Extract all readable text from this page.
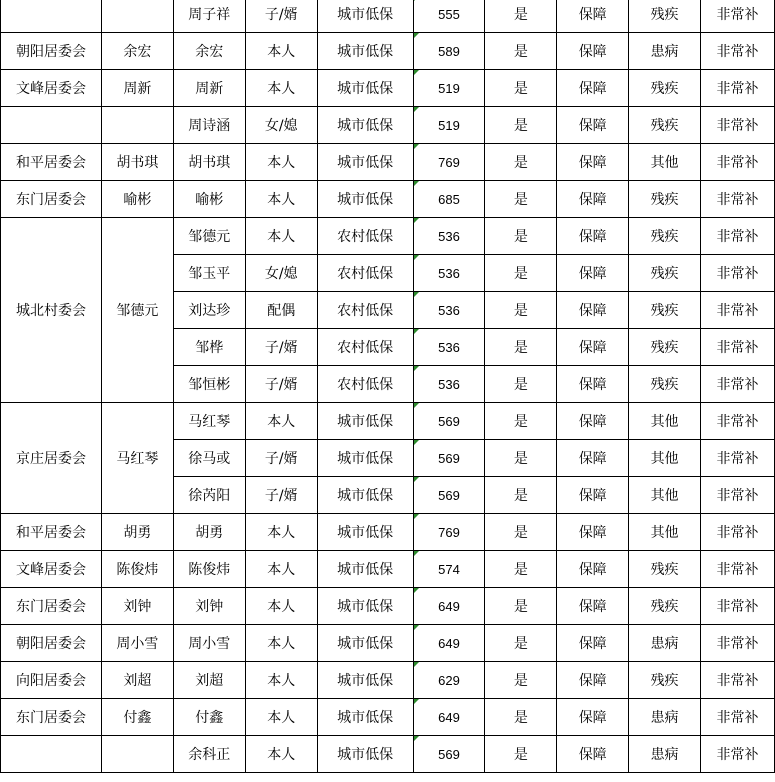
		周子祥	子/婿	城市低保	555	是	保障	残疾	非常补
朝阳居委会	余宏	余宏	本人	城市低保	589	是	保障	患病	非常补
文峰居委会	周新	周新	本人	城市低保	519	是	保障	残疾	非常补
		周诗涵	女/媳	城市低保	519	是	保障	残疾	非常补
和平居委会	胡书琪	胡书琪	本人	城市低保	769	是	保障	其他	非常补
东门居委会	喻彬	喻彬	本人	城市低保	685	是	保障	残疾	非常补
城北村委会	邹德元	邹德元	本人	农村低保	536	是	保障	残疾	非常补
		邹玉平	女/媳	农村低保	536	是	保障	残疾	非常补
		刘达珍	配偶	农村低保	536	是	保障	残疾	非常补
		邹桦	子/婿	农村低保	536	是	保障	残疾	非常补
		邹恒彬	子/婿	农村低保	536	是	保障	残疾	非常补
京庄居委会	马红琴	马红琴	本人	城市低保	569	是	保障	其他	非常补
		徐马或	子/婿	城市低保	569	是	保障	其他	非常补
		徐芮阳	子/婿	城市低保	569	是	保障	其他	非常补
和平居委会	胡勇	胡勇	本人	城市低保	769	是	保障	其他	非常补
文峰居委会	陈俊炜	陈俊炜	本人	城市低保	574	是	保障	残疾	非常补
东门居委会	刘钟	刘钟	本人	城市低保	649	是	保障	残疾	非常补
朝阳居委会	周小雪	周小雪	本人	城市低保	649	是	保障	患病	非常补
向阳居委会	刘超	刘超	本人	城市低保	629	是	保障	残疾	非常补
东门居委会	付鑫	付鑫	本人	城市低保	649	是	保障	患病	非常补
		余科正	本人	城市低保	569	是	保障	患病	非常补
